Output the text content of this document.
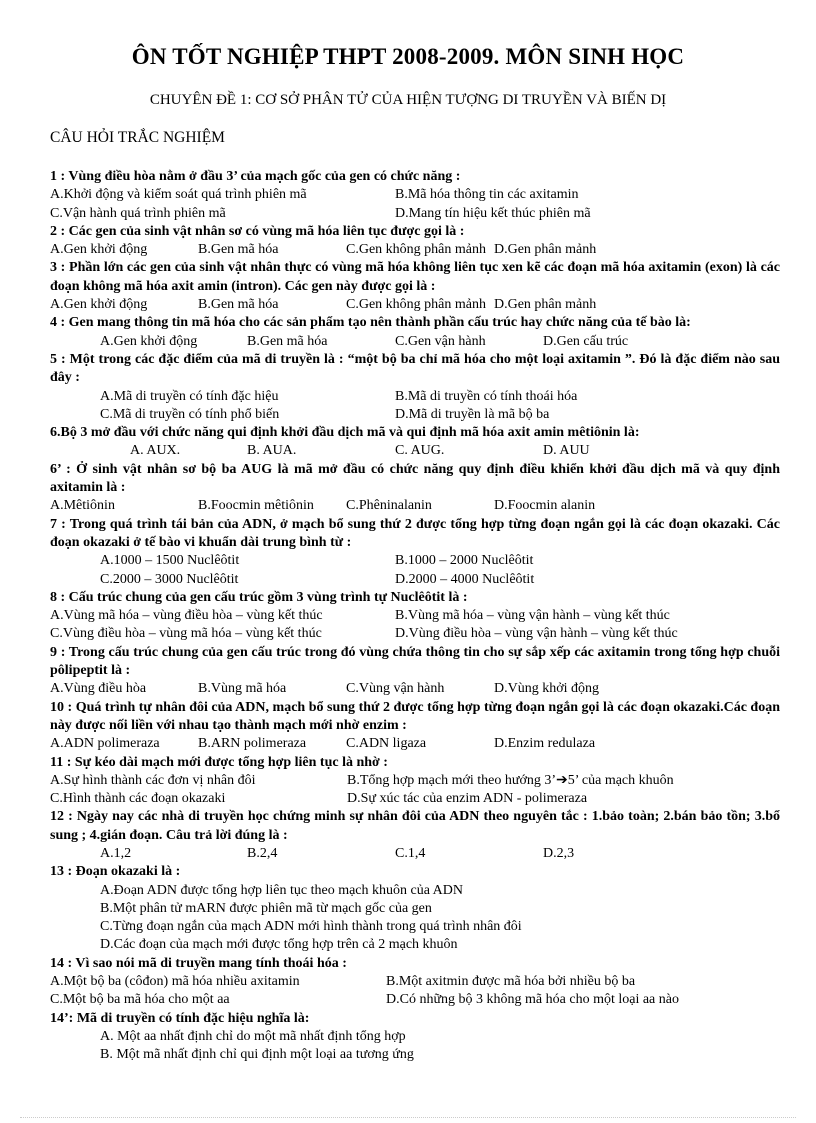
ÔN TỐT NGHIỆP THPT 2008-2009. MÔN SINH HỌC
CHUYÊN ĐỀ 1: CƠ SỞ PHÂN TỬ CỦA HIỆN TƯỢNG DI TRUYỀN VÀ BIẾN DỊ
CÂU HỎI TRẮC NGHIỆM
1 : Vùng điều hòa nằm ở đầu 3’ của mạch gốc của gen có chức năng :
A.Khởi động và kiểm soát quá trình phiên mã	B.Mã hóa thông tin các axitamin
C.Vận hành quá trình phiên mã	D.Mang tín hiệu kết thúc phiên mã
2 : Các gen của sinh vật nhân sơ có vùng mã hóa liên tục được gọi là :
A.Gen khởi động	B.Gen mã hóa	C.Gen không phân mảnh D.Gen phân mảnh
3 : Phần lớn các gen của sinh vật nhân thực có vùng mã hóa không liên tục xen kẽ các đoạn mã hóa axitamin (exon) là các đoạn không mã hóa axit amin (intron). Các gen này được gọi là :
A.Gen khởi động	B.Gen mã hóa	C.Gen không phân mảnh D.Gen phân mảnh
4 : Gen mang thông tin mã hóa cho các sản phẩm tạo nên thành phần cấu trúc hay chức năng của tế bào là:
A.Gen khởi động	B.Gen mã hóa	C.Gen vận hành	D.Gen cấu trúc
5 : Một trong các đặc điểm của mã di truyền là : “một bộ ba chỉ mã hóa cho một loại axitamin ”. Đó là đặc điểm nào sau đây :
A.Mã di truyền có tính đặc hiệu	B.Mã di truyền có tính thoái hóa
C.Mã di truyền có tính phổ biến	D.Mã di truyền là mã bộ ba
6.Bộ 3 mở đầu với chức năng qui định khởi đầu dịch mã và qui định mã hóa axit amin mêtiônin là:
A. AUX.	B. AUA.	C. AUG.	D. AUU
6’ : Ở sinh vật nhân sơ bộ ba AUG là mã mở đầu có chức năng quy định điều khiển khởi đầu dịch mã và quy định axitamin là :
A.Mêtiônin	B.Foocmin mêtiônin C.Phêninalanin	D.Foocmin alanin
7 : Trong quá trình tái bản của ADN, ở mạch bổ sung thứ 2 được tổng hợp từng đoạn ngắn gọi là các đoạn okazaki. Các đoạn okazaki ở tế bào vi khuẩn dài trung bình từ :
A.1000 – 1500 Nuclêôtit	B.1000 – 2000 Nuclêôtit
C.2000 – 3000 Nuclêôtit	D.2000 – 4000 Nuclêôtit
8 : Cấu trúc chung của gen cấu trúc gồm 3 vùng trình tự Nuclêôtit là :
A.Vùng mã hóa – vùng điều hòa – vùng kết thúc	B.Vùng mã hóa – vùng vận hành – vùng kết thúc
C.Vùng điều hòa – vùng mã hóa – vùng kết thúc	D.Vùng điều hòa – vùng vận hành – vùng kết thúc
9 : Trong cấu trúc chung của gen cấu trúc trong đó vùng chứa thông tin cho sự sắp xếp các axitamin trong tổng hợp chuỗi pôlipeptit là :
A.Vùng điều hòa	B.Vùng mã hóa	C.Vùng vận hành	D.Vùng khởi động
10 : Quá trình tự nhân đôi của ADN, mạch bổ sung thứ 2 được tổng hợp từng đoạn ngắn gọi là các đoạn okazaki.Các đoạn này được nối liền với nhau tạo thành mạch mới nhờ enzim :
A.ADN polimeraza	B.ARN polimeraza	C.ADN ligaza	D.Enzim redulaza
11 : Sự kéo dài mạch mới được tổng hợp liên tục là nhờ :
A.Sự hình thành các đơn vị nhân đôi	B.Tổng hợp mạch mới theo hướng 3’➔5’ của mạch khuôn
C.Hình thành các đoạn okazaki	D.Sự xúc tác của enzim ADN - polimeraza
12 : Ngày nay các nhà di truyền học chứng minh sự nhân đôi của ADN theo nguyên tắc : 1.bảo toàn; 2.bán bảo tồn; 3.bổ sung ; 4.gián đoạn. Câu trả lời đúng là :
A.1,2	B.2,4	C.1,4	D.2,3
13 : Đoạn okazaki là :
A.Đoạn ADN được tổng hợp liên tục theo mạch khuôn của ADN
B.Một phân tử mARN được phiên mã từ mạch gốc của gen
C.Từng đoạn ngắn của mạch ADN mới hình thành trong quá trình nhân đôi
D.Các đoạn của mạch mới được tổng hợp trên cả 2 mạch khuôn
14 : Vì sao nói mã di truyền mang tính thoái hóa :
A.Một bộ ba (côđon) mã hóa nhiều axitamin	B.Một axitmin được mã hóa bởi nhiều bộ ba
C.Một bộ ba mã hóa cho một aa	D.Có những bộ 3 không mã hóa cho một loại aa nào
14’: Mã di truyền có tính đặc hiệu nghĩa là:
A. Một aa nhất định chỉ do một mã nhất định tổng hợp
B. Một mã nhất định chỉ qui định một loại aa tương ứng
